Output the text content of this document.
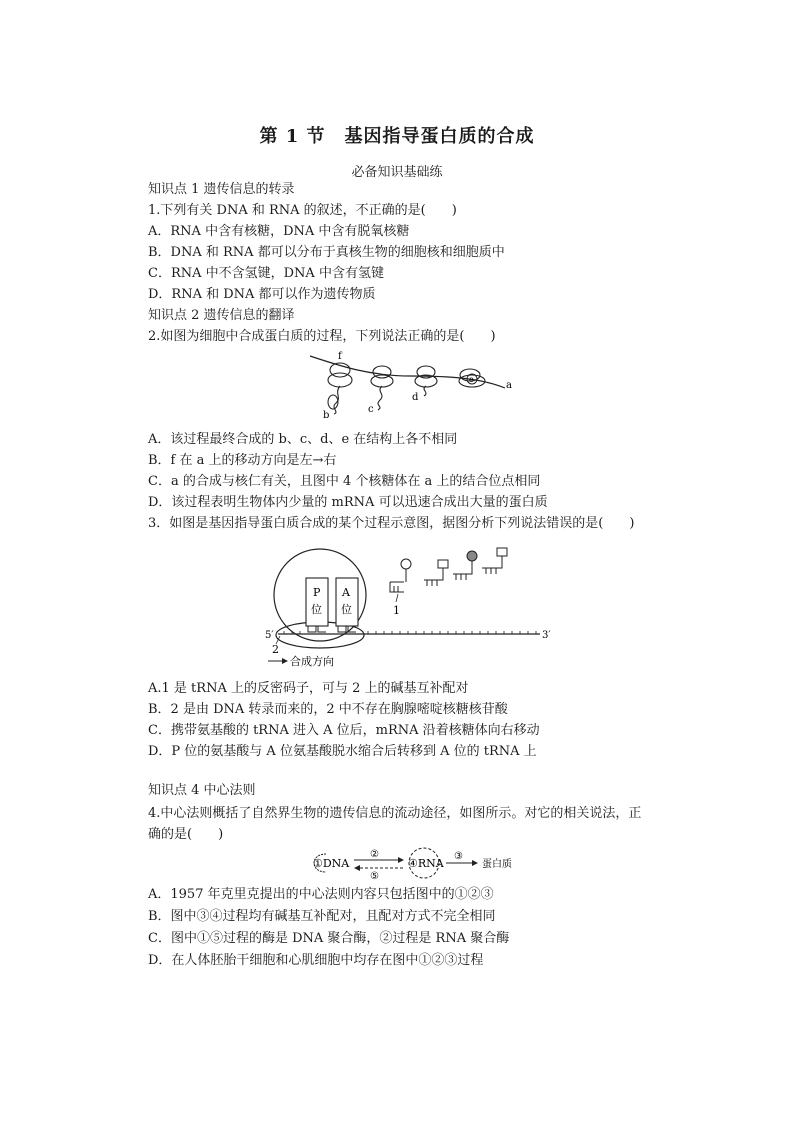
第 1 节　基因指导蛋白质的合成
必备知识基础练
知识点 1 遗传信息的转录
1.下列有关 DNA 和 RNA 的叙述，不正确的是(　　)
A．RNA 中含有核糖，DNA 中含有脱氧核糖
B．DNA 和 RNA 都可以分布于真核生物的细胞核和细胞质中
C．RNA 中不含氢键，DNA 中含有氢键
D．RNA 和 DNA 都可以作为遗传物质
知识点 2 遗传信息的翻译
2.如图为细胞中合成蛋白质的过程，下列说法正确的是(　　)
f
b
c
d
e
a
A．该过程最终合成的 b、c、d、e 在结构上各不相同
B．f 在 a 上的移动方向是左→右
C．a 的合成与核仁有关，且图中 4 个核糖体在 a 上的结合位点相同
D．该过程表明生物体内少量的 mRNA 可以迅速合成出大量的蛋白质
3．如图是基因指导蛋白质合成的某个过程示意图，据图分析下列说法错误的是(　　)
P
位
A
位
5′	3′
2
合成方向
1
A.1 是 tRNA 上的反密码子，可与 2 上的碱基互补配对
B．2 是由 DNA 转录而来的，2 中不存在胸腺嘧啶核糖核苷酸
C．携带氨基酸的 tRNA 进入 A 位后，mRNA 沿着核糖体向右移动
D．P 位的氨基酸与 A 位氨基酸脱水缩合后转移到 A 位的 tRNA 上
知识点 4 中心法则
4.中心法则概括了自然界生物的遗传信息的流动途径，如图所示。对它的相关说法，正
确的是(　　)
①DNA
②
⑤
④RNA
③
蛋白质
A．1957 年克里克提出的中心法则内容只包括图中的①②③
B．图中③④过程均有碱基互补配对，且配对方式不完全相同
C．图中①⑤过程的酶是 DNA 聚合酶，②过程是 RNA 聚合酶
D．在人体胚胎干细胞和心肌细胞中均存在图中①②③过程
